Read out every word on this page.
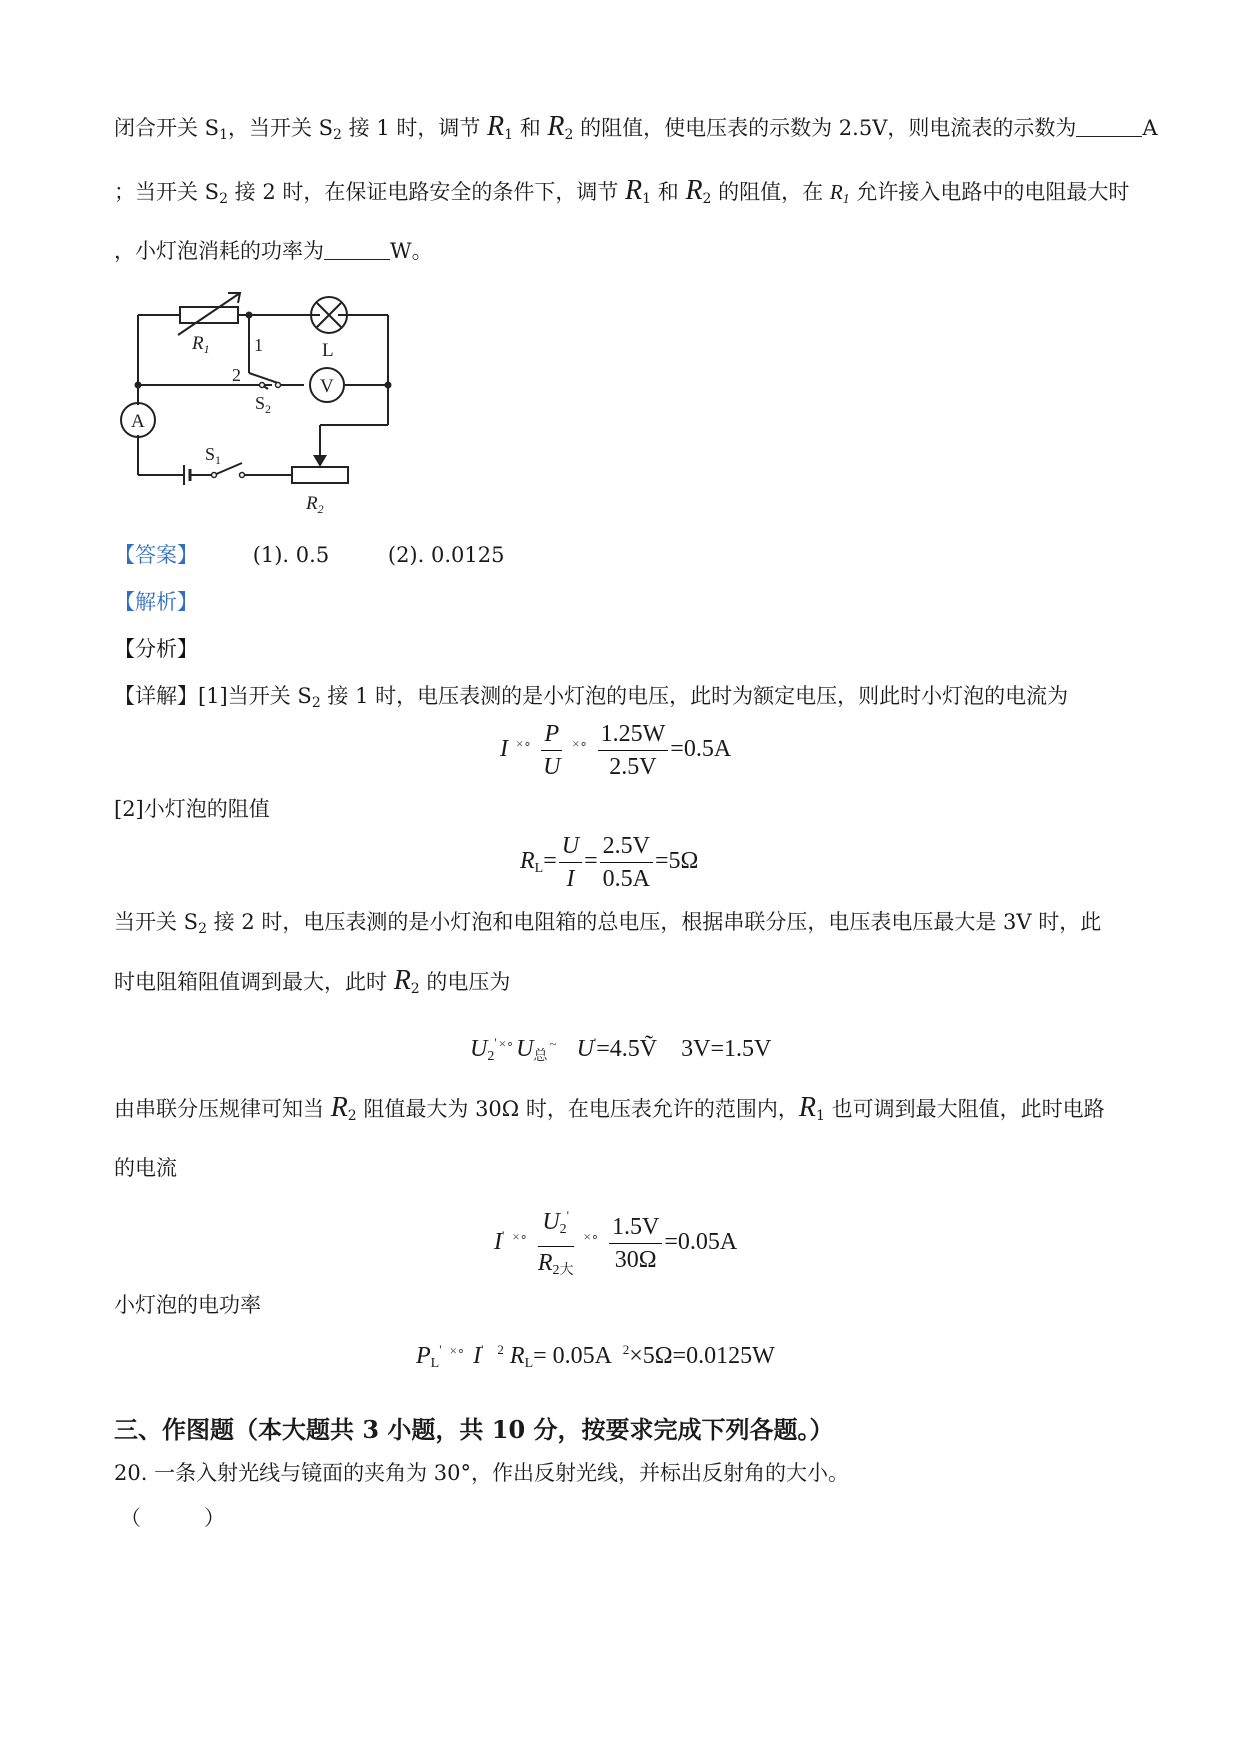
闭合开关 $S_1$，当开关 $S_2$ 接 1 时，调节 $R_1$ 和 $R_2$ 的阻值，使电压表的示数为 2.5V，则电流表的示数为	A
；当开关 $S_2$ 接 2 时，在保证电路安全的条件下，调节 $R_1$ 和 $R_2$ 的阻值，在 $R_1$ 允许接入电路中的电阻最大时
，小灯泡消耗的功率为	W。
$R_1$	L
1
2
$S_2$
V
A
$S_1$
$R_2$
【答案】	(1). 0.5	(2). 0.0125
【解析】
【分析】
【详解】[1]当开关 $S_2$ 接 1 时，电压表测的是小灯泡的电压，此时为额定电压，则此时小灯泡的电流为
I $^{\times\circ} \frac{P}{U} ^{\times\circ} \frac{1.25W}{2.5V} =0.5A$
[2]小灯泡的阻值
$R_L= \frac{U}{I} = \frac{2.5V}{0.5A} =5\Omega$
当开关 $S_2$ 接 2 时，电压表测的是小灯泡和电阻箱的总电压，根据串联分压，电压表电压最大是 3V 时，此
时电阻箱阻值调到最大，此时 $R_2$ 的电压为
$U_2'$ $^{\times\circ}U_总^\sim$ U'=4.5Ṽ　3V=1.5V
由串联分压规律可知当 $R_2$ 阻值最大为 30Ω 时，在电压表允许的范围内，$R_1$ 也可调到最大阻值，此时电路
的电流
I' $^{\times\circ} \frac{U_2'}{R_{2大}} ^{\times\circ} \frac{1.5V}{30\Omega} =0.05A$
小灯泡的电功率
$P_L'$ ×∘ I' $^2$ $R_L= 0.05A$ $^2$×5Ω=0.0125W
三、作图题（本大题共 3 小题，共 10 分，按要求完成下列各题。）
20. 一条入射光线与镜面的夹角为 30°，作出反射光线，并标出反射角的大小。
（　　　）
